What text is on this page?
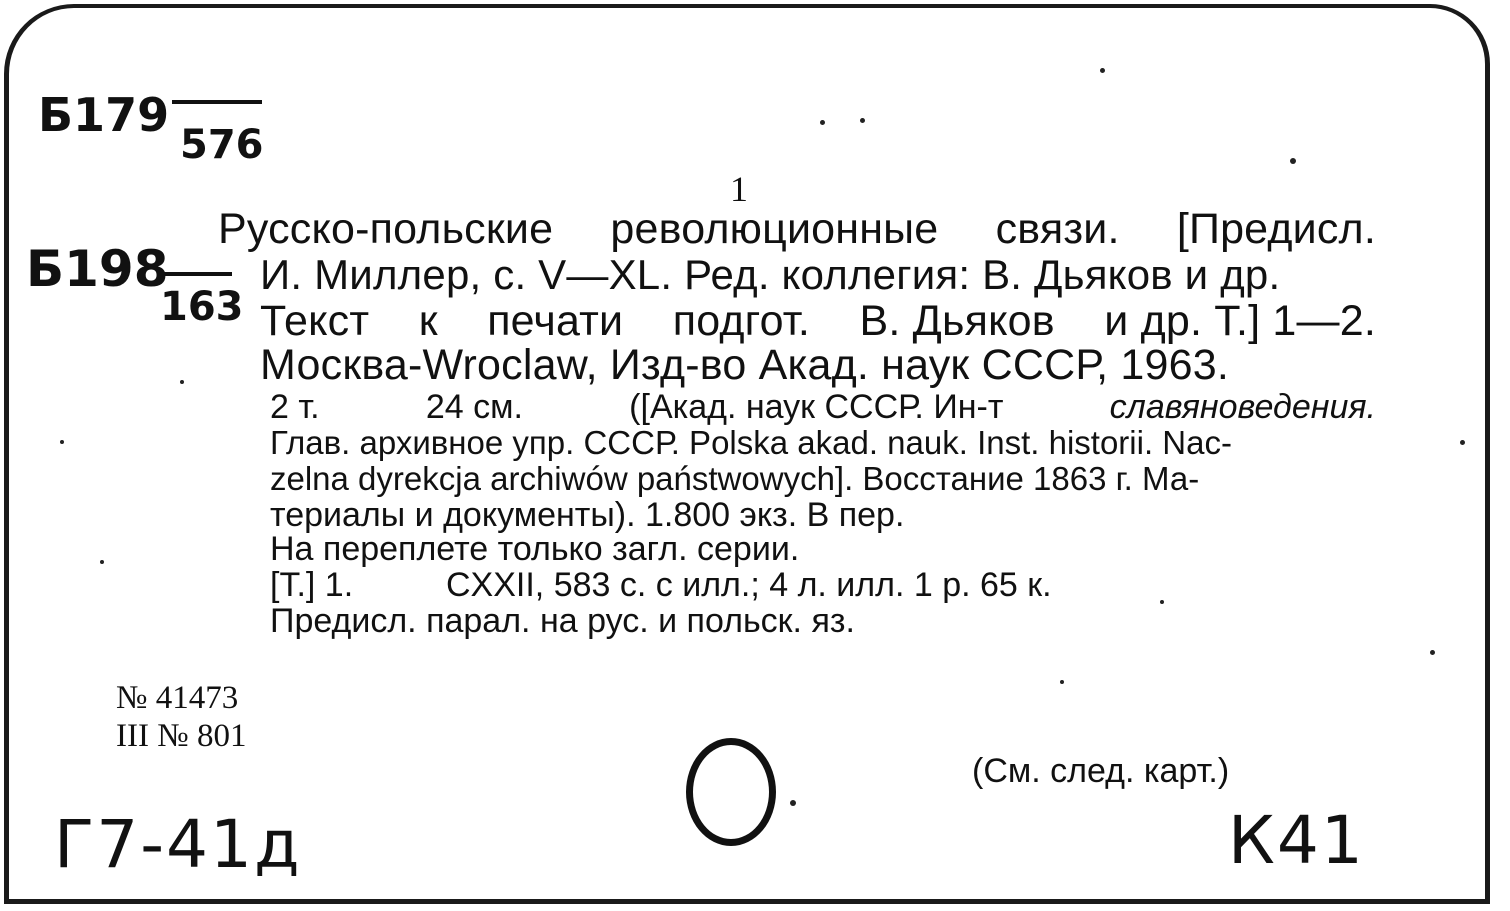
Б179
576
Б198
163
Г7-41д	К41
1
Русско-польские революционные связи. [Предисл.
И. Миллер, с. V—XL. Ред. коллегия: В. Дьяков и др.
Текст к печати подгот. В. Дьяков и др. Т.] 1—2.
Москва-Wroclaw, Изд-во Акад. наук СССР, 1963.
2 т.	24 см.	([Акад. наук СССР. Ин-т	славяноведения.
Глав. архивное упр. СССР. Polska akad. nauk. Inst. historii. Nac-
zelna dyrekcja archiwów państwowych]. Восстание 1863 г. Ма-
териалы и документы). 1.800 экз. В пер.
На переплете только загл. серии.
[Т.] 1.	CXXII, 583 с. с илл.; 4 л. илл. 1 р. 65 к.
Предисл. парал. на рус. и польск. яз.
№ 41473
III № 801
(См. след. карт.)
